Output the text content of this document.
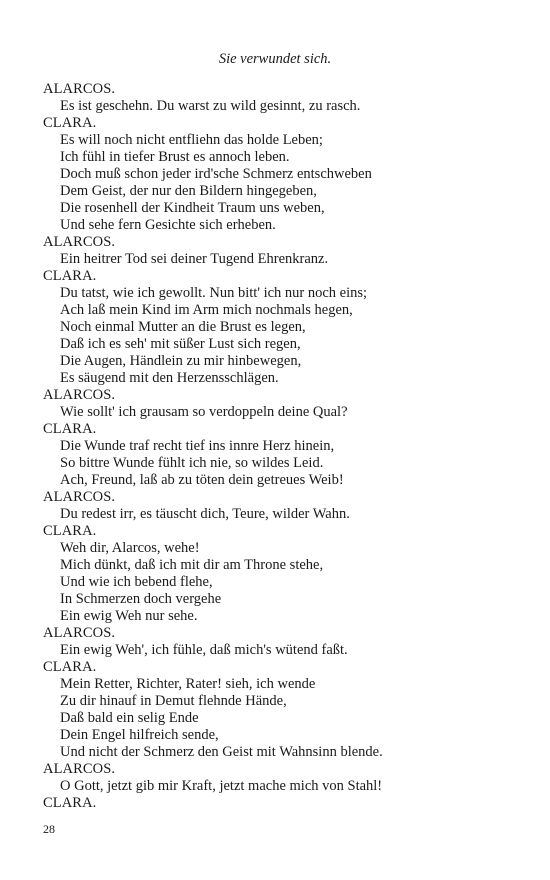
Sie verwundet sich.

ALARCOS.
Es ist geschehn. Du warst zu wild gesinnt, zu rasch.
CLARA.
Es will noch nicht entfliehn das holde Leben;
Ich fühl in tiefer Brust es annoch leben.
Doch muß schon jeder ird'sche Schmerz entschweben
Dem Geist, der nur den Bildern hingegeben,
Die rosenhell der Kindheit Traum uns weben,
Und sehe fern Gesichte sich erheben.
ALARCOS.
Ein heitrer Tod sei deiner Tugend Ehrenkranz.
CLARA.
Du tatst, wie ich gewollt. Nun bitt' ich nur noch eins;
Ach laß mein Kind im Arm mich nochmals hegen,
Noch einmal Mutter an die Brust es legen,
Daß ich es seh' mit süßer Lust sich regen,
Die Augen, Händlein zu mir hinbewegen,
Es säugend mit den Herzensschlägen.
ALARCOS.
Wie sollt' ich grausam so verdoppeln deine Qual?
CLARA.
Die Wunde traf recht tief ins innre Herz hinein,
So bittre Wunde fühlt ich nie, so wildes Leid.
Ach, Freund, laß ab zu töten dein getreues Weib!
ALARCOS.
Du redest irr, es täuscht dich, Teure, wilder Wahn.
CLARA.
Weh dir, Alarcos, wehe!
Mich dünkt, daß ich mit dir am Throne stehe,
Und wie ich bebend flehe,
In Schmerzen doch vergehe
Ein ewig Weh nur sehe.
ALARCOS.
Ein ewig Weh', ich fühle, daß mich's wütend faßt.
CLARA.
Mein Retter, Richter, Rater! sieh, ich wende
Zu dir hinauf in Demut flehnde Hände,
Daß bald ein selig Ende
Dein Engel hilfreich sende,
Und nicht der Schmerz den Geist mit Wahnsinn blende.
ALARCOS.
O Gott, jetzt gib mir Kraft, jetzt mache mich von Stahl!
CLARA.

28
